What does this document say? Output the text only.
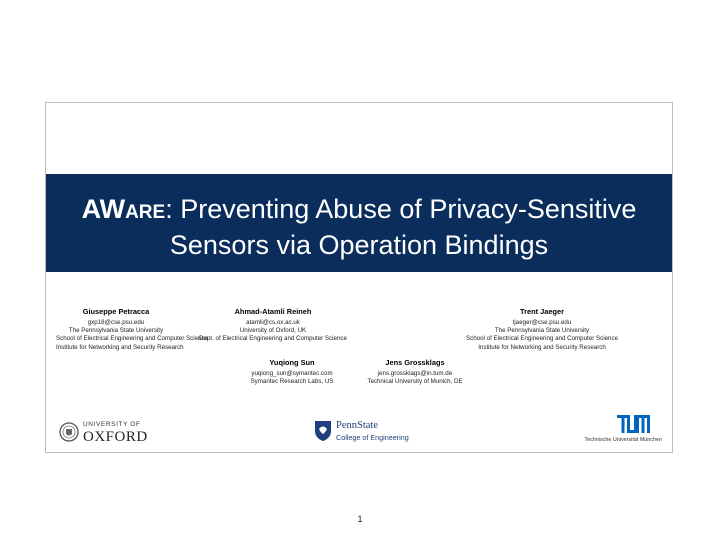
AWARE: Preventing Abuse of Privacy-Sensitive
Sensors via Operation Bindings
Giuseppe Petracca
gxp18@cse.psu.edu
The Pennsylvania State University
School of Electrical Engineering and Computer Science
Institute for Networking and Security Research
Ahmad-Atamli Reineh
atamli@cs.ox.ac.uk
University of Oxford, UK
Dept. of Electrical Engineering and Computer Science
Trent Jaeger
tjaeger@cse.psu.edu
The Pennsylvania State University
School of Electrical Engineering and Computer Science
Institute for Networking and Security Research
Yuqiong Sun
yuqiong_sun@symantec.com
Symantec Research Labs, US
Jens Grossklags
jens.grossklags@in.tum.de
Technical University of Munich, DE
UNIVERSITY OF
OXFORD
PennState
College of Engineering	Technische Universität München
1
